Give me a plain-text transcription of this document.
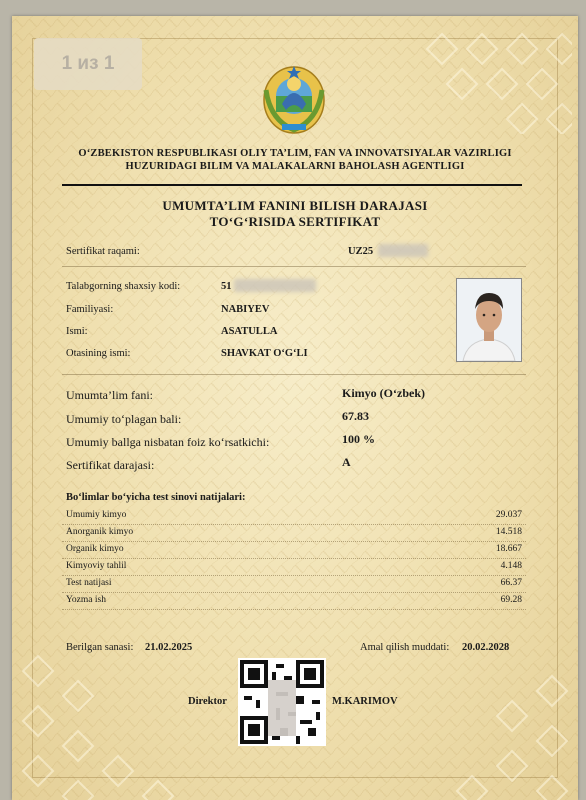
1 из 1
O‘ZBEKISTON RESPUBLIKASI OLIY TA’LIM, FAN VA INNOVATSIYALAR VAZIRLIGI
HUZURIDAGI BILIM VA MALAKALARNI BAHOLASH AGENTLIGI
UMUMTA’LIM FANINI BILISH DARAJASI
TO‘G‘RISIDA SERTIFIKAT
Sertifikat raqami:	UZ25
Talabgorning shaxsiy kodi:	51
Familiyasi:	NABIYEV
Ismi:	ASATULLA
Otasining ismi:	SHAVKAT O‘G‘LI
Umumta’lim fani:	Kimyo (O‘zbek)
Umumiy to‘plagan bali:	67.83
Umumiy ballga nisbatan foiz ko‘rsatkichi:	100 %
Sertifikat darajasi:	A
Bo‘limlar bo‘yicha test sinovi natijalari:
Umumiy kimyo	29.037
Anorganik kimyo	14.518
Organik kimyo	18.667
Kimyoviy tahlil	4.148
Test natijasi	66.37
Yozma ish	69.28
Berilgan sanasi: 21.02.2025	Amal qilish muddati: 20.02.2028
Direktor	M.KARIMOV
